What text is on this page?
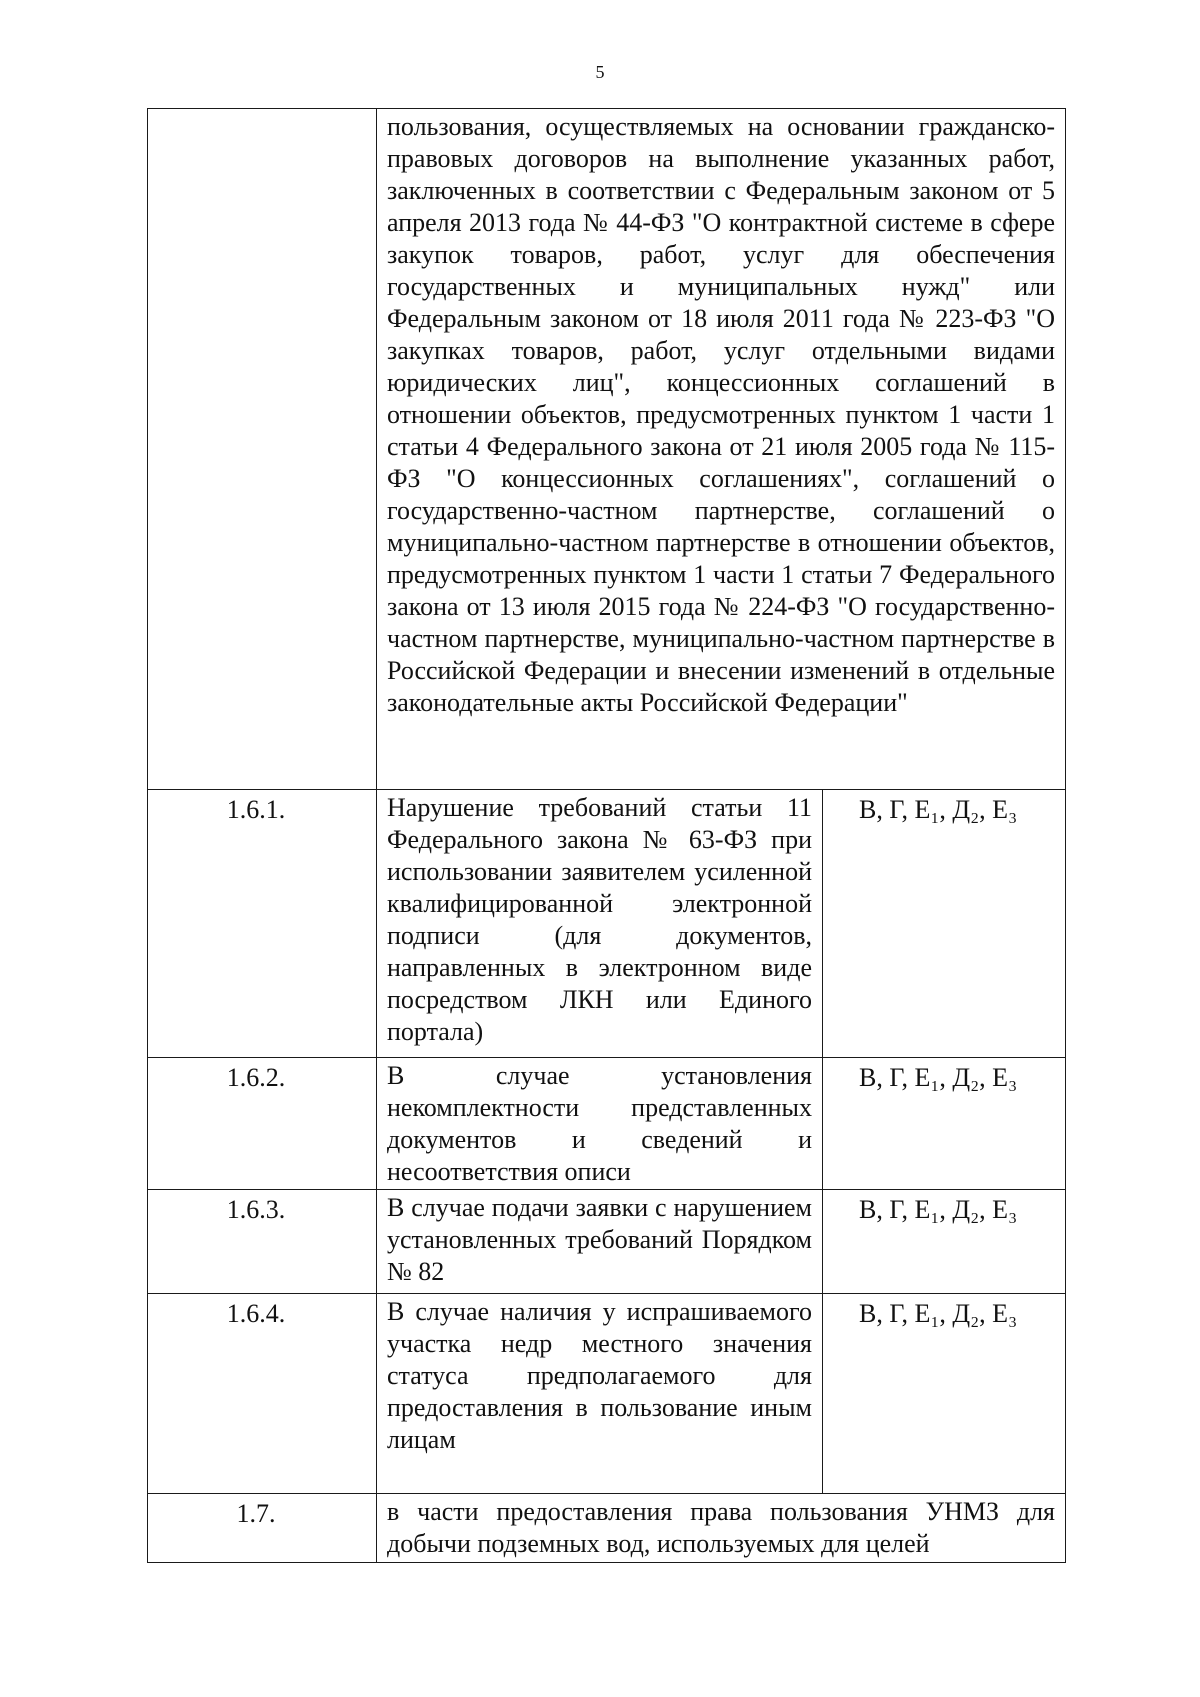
5
	пользования, осуществляемых на основании гражданско-правовых договоров на выполнение указанных работ, заключенных в соответствии с Федеральным законом от 5 апреля 2013 года № 44-ФЗ "О контрактной системе в сфере закупок товаров, работ, услуг для обеспечения государственных и муниципальных нужд" или Федеральным законом от 18 июля 2011 года № 223-ФЗ "О закупках товаров, работ, услуг отдельными видами юридических лиц", концессионных соглашений в отношении объектов, предусмотренных пунктом 1 части 1 статьи 4 Федерального закона от 21 июля 2005 года № 115-ФЗ "О концессионных соглашениях", соглашений о государственно-частном партнерстве, соглашений о муниципально-частном партнерстве в отношении объектов, предусмотренных пунктом 1 части 1 статьи 7 Федерального закона от 13 июля 2015 года № 224-ФЗ "О государственно-частном партнерстве, муниципально-частном партнерстве в Российской Федерации и внесении изменений в отдельные законодательные акты Российской Федерации"	
1.6.1.	Нарушение требований статьи 11 Федерального закона № 63-ФЗ при использовании заявителем усиленной квалифицированной электронной подписи (для документов, направленных в электронном виде посредством ЛКН или Единого портала)	В, Г, Е₁, Д₂, Е₃
1.6.2.	В случае установления некомплектности представленных документов и сведений и несоответствия описи	В, Г, Е₁, Д₂, Е₃
1.6.3.	В случае подачи заявки с нарушением установленных требований Порядком № 82	В, Г, Е₁, Д₂, Е₃
1.6.4.	В случае наличия у испрашиваемого участка недр местного значения статуса предполагаемого для предоставления в пользование иным лицам	В, Г, Е₁, Д₂, Е₃
1.7.	в части предоставления права пользования УНМЗ для добычи подземных вод, используемых для целей	
